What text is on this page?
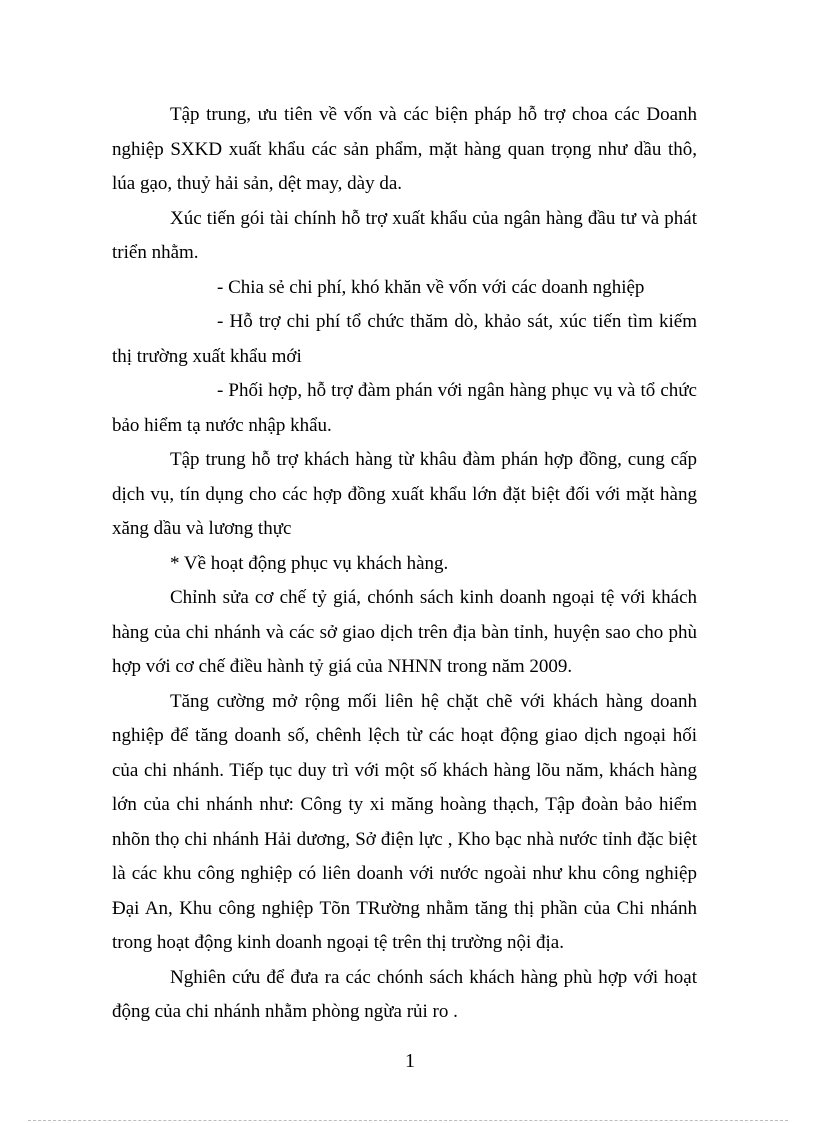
Tập trung, ưu tiên về vốn và các biện pháp hỗ trợ choa các Doanh nghiệp SXKD xuất khẩu các sản phẩm, mặt hàng quan trọng như dầu thô, lúa gạo, thuỷ hải sản, dệt may, dày da.

Xúc tiến gói tài chính hỗ trợ xuất khẩu của ngân hàng đầu tư và phát triển nhằm.

- Chia sẻ chi phí, khó khăn về vốn với các doanh nghiệp

- Hỗ trợ chi phí tổ chức thăm dò, khảo sát, xúc tiến tìm kiếm thị trường xuất khẩu mới

- Phối hợp, hỗ trợ đàm phán với ngân hàng phục vụ và tổ chức bảo hiểm tạ nước nhập khẩu.

Tập trung hỗ trợ khách hàng từ khâu đàm phán hợp đồng, cung cấp dịch vụ, tín dụng cho các hợp đồng xuất khẩu lớn đặt biệt đối với mặt hàng xăng dầu và lương thực

* Về hoạt động phục vụ khách hàng.

Chỉnh sửa cơ chế tỷ giá, chónh sách kinh doanh ngoại tệ với khách hàng của chi nhánh và các sở giao dịch trên địa bàn tỉnh, huyện sao cho phù hợp với cơ chế điều hành tỷ giá của NHNN trong năm 2009.

Tăng cường mở rộng mối liên hệ chặt chẽ với khách hàng doanh nghiệp để tăng doanh số, chênh lệch từ các hoạt động giao dịch ngoại hối của chi nhánh. Tiếp tục duy trì với một số khách hàng lõu năm, khách hàng lớn của chi nhánh như: Công ty xi măng hoàng thạch, Tập đoàn bảo hiểm nhõn thọ chi nhánh Hải dương, Sở điện lực , Kho bạc nhà nước tỉnh đặc biệt là các khu công nghiệp có liên doanh với nước ngoài như khu công nghiệp Đại An, Khu công nghiệp Tõn TRường nhằm tăng thị phần của Chi nhánh trong hoạt động kinh doanh ngoại tệ trên thị trường nội địa.

Nghiên cứu để đưa ra các chónh sách khách hàng phù hợp với hoạt động của chi nhánh nhằm phòng ngừa rủi ro .

1
